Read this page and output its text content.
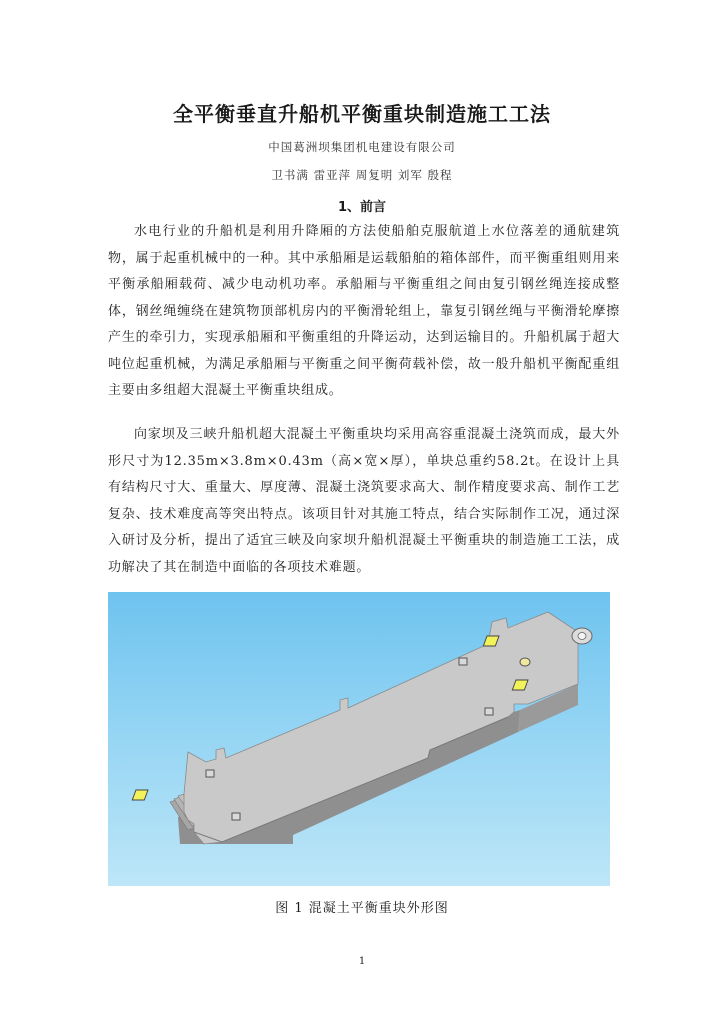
全平衡垂直升船机平衡重块制造施工工法
中国葛洲坝集团机电建设有限公司
卫书满 雷亚萍 周复明 刘军 殷程
1、前言

水电行业的升船机是利用升降厢的方法使船舶克服航道上水位落差的通航建筑物，属于起重机械中的一种。其中承船厢是运载船舶的箱体部件，而平衡重组则用来平衡承船厢载荷、减少电动机功率。承船厢与平衡重组之间由复引钢丝绳连接成整体，钢丝绳缠绕在建筑物顶部机房内的平衡滑轮组上，靠复引钢丝绳与平衡滑轮摩擦产生的牵引力，实现承船厢和平衡重组的升降运动，达到运输目的。升船机属于超大吨位起重机械，为满足承船厢与平衡重之间平衡荷载补偿，故一般升船机平衡配重组主要由多组超大混凝土平衡重块组成。

向家坝及三峡升船机超大混凝土平衡重块均采用高容重混凝土浇筑而成，最大外形尺寸为12.35m×3.8m×0.43m（高×宽×厚），单块总重约58.2t。在设计上具有结构尺寸大、重量大、厚度薄、混凝土浇筑要求高大、制作精度要求高、制作工艺复杂、技术难度高等突出特点。该项目针对其施工特点，结合实际制作工况，通过深入研讨及分析，提出了适宜三峡及向家坝升船机混凝土平衡重块的制造施工工法，成功解决了其在制造中面临的各项技术难题。

图 1 混凝土平衡重块外形图
1
